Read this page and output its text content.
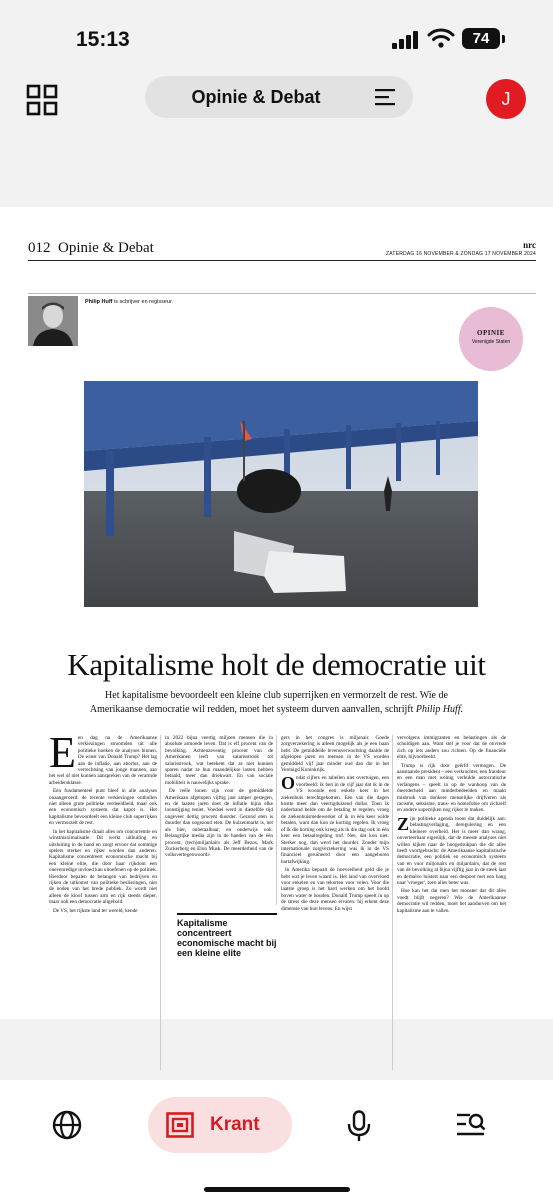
15:13	74
Opinie & Debat	J
012 Opinie & Debat	nrc
ZATERDAG 16 NOVEMBER & ZONDAG 17 NOVEMBER 2024
Philip Huff is schrijver en regisseur.
OPINIE
Verenigde Staten
Kapitalisme holt de democratie uit
Het kapitalisme bevoordeelt een kleine club superrijken en vermorzelt de rest. Wie de Amerikaanse democratie wil redden, moet het systeem durven aanvallen, schrijft Philip Huff.
E en dag na de Amerikaanse verkiezingen stroomden uit alle politieke hoeken de analyses binnen. De winst van Donald Trump? Het lag aan de inflatie, aan abortus, aan de verrechtsing van jonge mannen, aan het wel of niet kunnen aanspreken van de verarmde arbeidersklasse.

Eén fundamenteel punt bleef in alle analyses onaangeroerd: de recente verkiezingen onthullen niet alleen grote politieke verdeeldheid, maar ook een economisch systeem dat kapot is. Het kapitalisme bevoordeelt een kleine club superrijken en vermorzelt de rest.

In het kapitalisme draait alles om concurrentie en winstmaximalisatie. Dit werkt uitbuiting en uitsluiting in de hand en zorgt ervoor dat sommige spelers sterker en rijker worden dan anderen. Kapitalisme concentreert economische macht bij een kleine elite, die door haar rijkdom een onevenredige invloed kan uitoefenen op de politiek. Hierdoor bepalen de belangen van bedrijven en rijken de uitkomst van politieke beslissingen, niet de noden van het brede publiek. Zo wordt niet alleen de kloof tussen arm en rijk steeds dieper, maar ook een democratie uitgehold.

De VS, het rijkste land ter wereld, kende

in 2022 bijna veertig miljoen mensen die in absolute armoede leven. Dat is elf procent van de bevolking. Achtenzeventig procent van de Amerikanen leeft van salarisstrook tot salarisstrook, wat betekent dat ze niet kunnen sparen nadat ze hun maandelijkse lasten hebben betaald, meer dan driekwart. En van sociale mobiliteit is nauwelijks sprake.

De reële lonen zijn voor de gemiddelde Amerikaan afgelopen vijftig jaar amper gestegen, en de laatste jaren doet de inflatie bijna elke loonstijging teniet. Voedsel werd in diezelfde tijd ongeveer dertig procent duurder. Gezond eten is duurder dan ongezond eten. De huizenmarkt is, net als hier, onbetaalbaar, en onderwijs ook. Belangrijke media zijn in de handen van de één procent, (tech)miljardairs als Jeff Bezos, Mark Zuckerberg en Elon Musk. De meerderheid van de volksvertegenwoordi-

Kapitalisme concentreert economische macht bij een kleine elite

gers in het congres is miljonair. Goede zorgverzekering is alleen mogelijk als je een baan hebt. De gemiddelde levensverwachting daalde de afgelopen jaren en mensen in de VS worden gemiddeld vijf jaar minder oud dan die in het Verenigd Koninkrijk.

O ndat cijfers en tabellen niet overtuigen, een voorbeeld: ik ben in de vijf jaar dat ik in de VS woonde een enkele keer in het ziekenhuis terechtgekomen. Eén van die dagen kostte meer dan veertigduizend dollar. Toen ik naderhand belde om de betaling te regelen, vroeg de ziekenhuismedewerker of ik in één keer wilde betalen, want dan kon ze korting regelen. Ik vroeg of ik die korting ook kreeg als ik die dag ook in één keer een betaalregeling trof. Nee, dat kon niet. Sterker nog, dan werd het duurder. Zonder mijn internationale zorgverzekering was ik in de VS financieel geruïneerd door een aangeboren hartafwijking.

In Amerika bepaalt de hoeveelheid geld die je hebt wat je leven waard is. Het land van overvloed voor enkelen en van tekorten voor velen. Voor die laatste groep is het hard werken om het hoofd boven water te houden. Donald Trump speelt in op de stress die deze mensen ervaren: hij erkent deze dimensie van hun levens. En wijst

vervolgens immigranten en belastingen als de schuldigen aan. Want stel je voor dat de onvrede zich op iets anders zou richten. Op de financiële elite, bijvoorbeeld.

Trump is rijk door geërfd vermogen. De aanstaande president – een verkrachter, een fraudeur en een man met weinig verhulde autocratische verlangens – speelt in op de wanhoop van de meerderheid aan minderbedeelden en maakt misbruik van donkere menselijke drijfveren als racisme, seksisme, trans- en homofobie om zichzelf en andere superrijken nog rijker te maken.

Z ijn politieke agenda toont dat duidelijk aan: belastingverlaging, deregulering en een kleinere overheid. Het is meer dan wrang, onverteerbaar eigenlijk, dat de meeste analyses niet willen kijken naar de hoogedrukpan die dit alles heeft voortgebracht: de Amerikaanse kapitalistische democratie, een politiek en economisch systeem van en voor miljonairs en miljardairs, dat de rest van de bevolking al bijna vijftig jaar in de steek laat en derhalve luistert naar een despoot met een hang naar 'vroeger', toen alles beter was.

Hoe kan het dat men het monster dat dit alles voedt blijft negeren? Wie de Amerikaanse democratie wil redden, moet het aandurven om het kapitalisme aan te vallen.

Krant
